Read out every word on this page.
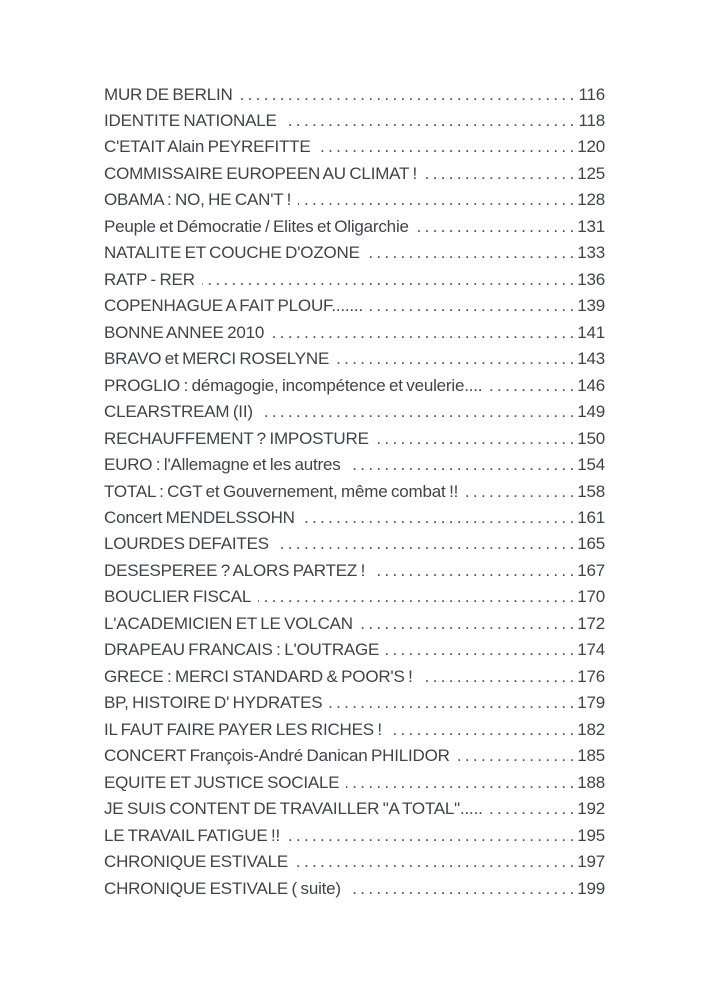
MUR DE BERLIN . . .	116
IDENTITE NATIONALE . . .	118
C'ETAIT Alain PEYREFITTE . . .	120
COMMISSAIRE EUROPEEN AU CLIMAT ! . . .	125
OBAMA : NO, HE CAN'T ! . . .	128
Peuple et Démocratie / Elites et Oligarchie . . .	131
NATALITE ET COUCHE D'OZONE . . .	133
RATP - RER . . .	136
COPENHAGUE A FAIT PLOUF....... . . .	139
BONNE ANNEE 2010 . . .	141
BRAVO et MERCI ROSELYNE . . .	143
PROGLIO : démagogie, incompétence et veulerie.... . . .	146
CLEARSTREAM (II) . . .	149
RECHAUFFEMENT ? IMPOSTURE . . .	150
EURO : l'Allemagne et les autres . . .	154
TOTAL : CGT et Gouvernement, même combat !! . . .	158
Concert MENDELSSOHN . . .	161
LOURDES DEFAITES . . .	165
DESESPEREE ? ALORS PARTEZ ! . . .	167
BOUCLIER FISCAL . . .	170
L'ACADEMICIEN ET LE VOLCAN . . .	172
DRAPEAU FRANCAIS : L'OUTRAGE . . .	174
GRECE : MERCI STANDARD & POOR'S ! . . .	176
BP, HISTOIRE D' HYDRATES . . .	179
IL FAUT FAIRE PAYER LES RICHES ! . . .	182
CONCERT François-André Danican PHILIDOR . . .	185
EQUITE ET JUSTICE SOCIALE . . .	188
JE SUIS CONTENT DE TRAVAILLER "A TOTAL"..... . . .	192
LE TRAVAIL FATIGUE !! . . .	195
CHRONIQUE ESTIVALE . . .	197
CHRONIQUE ESTIVALE ( suite) . . .	199
